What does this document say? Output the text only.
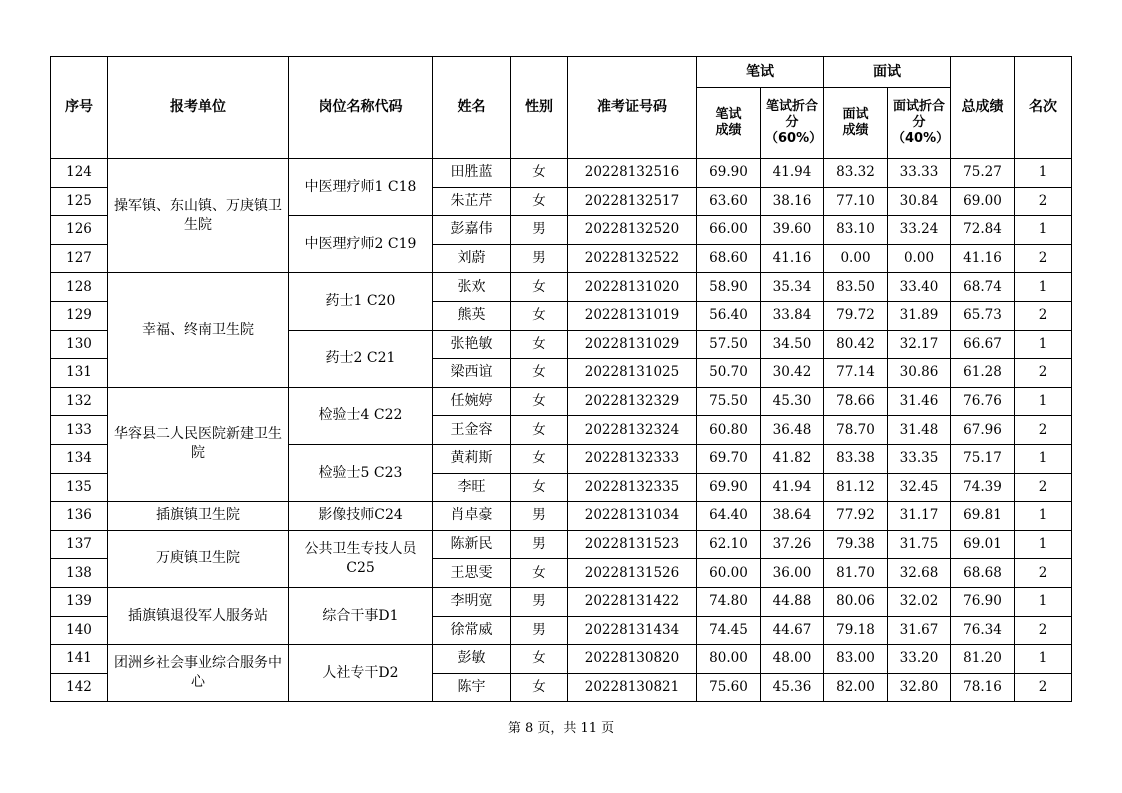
序号	报考单位	岗位名称代码	姓名	性别	准考证号码	笔试		面试		总成绩	名次
						笔试成绩	笔试折合分（60%）	面试成绩	面试折合分（40%）		
124	操军镇、东山镇、万庚镇卫生院	中医理疗师1 C18	田胜蓝	女	20228132516	69.90	41.94	83.32	33.33	75.27	1
125			朱芷芹	女	20228132517	63.60	38.16	77.10	30.84	69.00	2
126		中医理疗师2 C19	彭嘉伟	男	20228132520	66.00	39.60	83.10	33.24	72.84	1
127			刘蔚	男	20228132522	68.60	41.16	0.00	0.00	41.16	2
128	幸福、终南卫生院	药士1 C20	张欢	女	20228131020	58.90	35.34	83.50	33.40	68.74	1
129			熊英	女	20228131019	56.40	33.84	79.72	31.89	65.73	2
130		药士2 C21	张艳敏	女	20228131029	57.50	34.50	80.42	32.17	66.67	1
131			梁西谊	女	20228131025	50.70	30.42	77.14	30.86	61.28	2
132	华容县二人民医院新建卫生院	检验士4 C22	任婉婷	女	20228132329	75.50	45.30	78.66	31.46	76.76	1
133			王金容	女	20228132324	60.80	36.48	78.70	31.48	67.96	2
134		检验士5 C23	黄莉斯	女	20228132333	69.70	41.82	83.38	33.35	75.17	1
135			李旺	女	20228132335	69.90	41.94	81.12	32.45	74.39	2
136	插旗镇卫生院	影像技师C24	肖卓豪	男	20228131034	64.40	38.64	77.92	31.17	69.81	1
137	万庾镇卫生院	公共卫生专技人员C25	陈新民	男	20228131523	62.10	37.26	79.38	31.75	69.01	1
138			王思雯	女	20228131526	60.00	36.00	81.70	32.68	68.68	2
139	插旗镇退役军人服务站	综合干事D1	李明宽	男	20228131422	74.80	44.88	80.06	32.02	76.90	1
140			徐常威	男	20228131434	74.45	44.67	79.18	31.67	76.34	2
141	团洲乡社会事业综合服务中心	人社专干D2	彭敏	女	20228130820	80.00	48.00	83.00	33.20	81.20	1
142			陈宇	女	20228130821	75.60	45.36	82.00	32.80	78.16	2
第 8 页，共 11 页
